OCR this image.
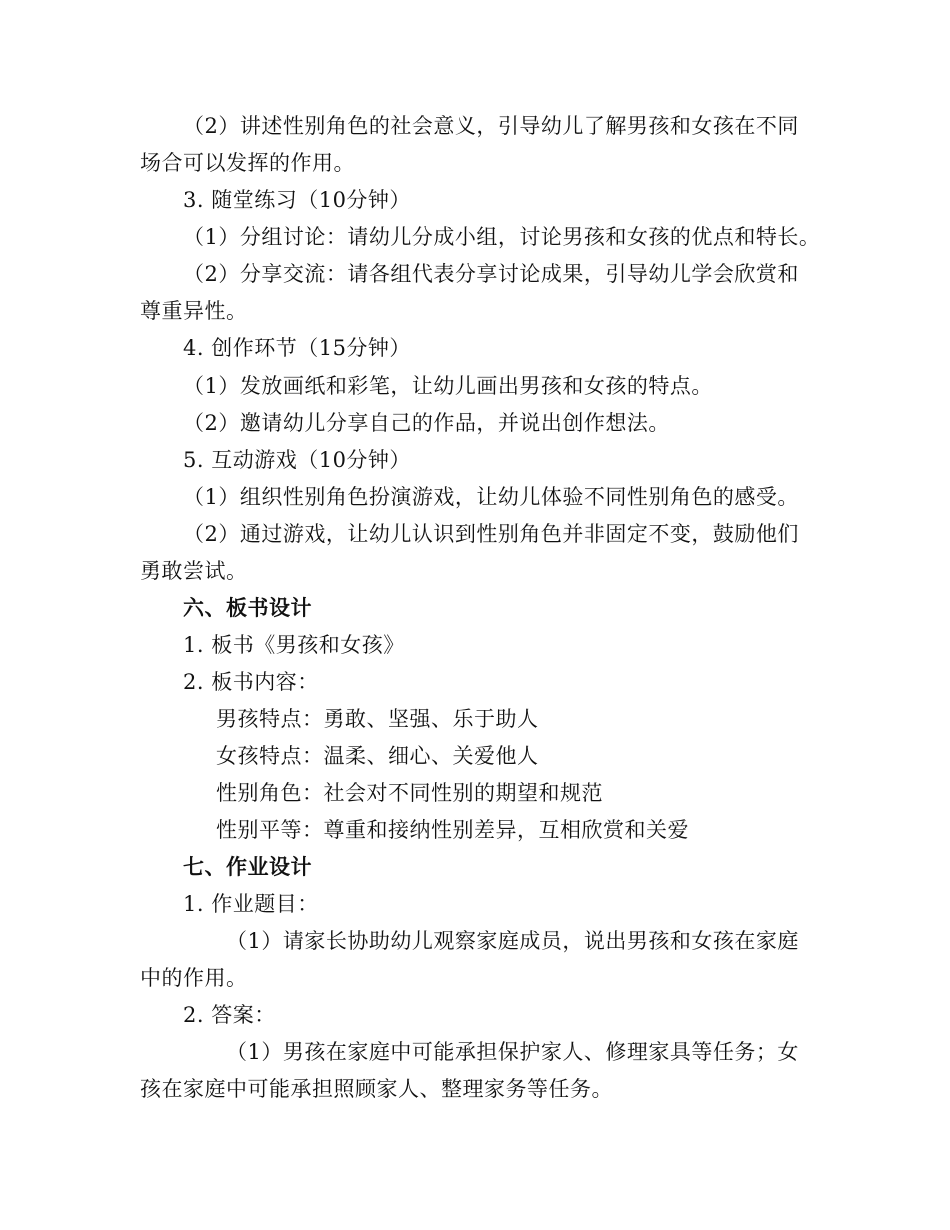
（2）讲述性别角色的社会意义，引导幼儿了解男孩和女孩在不同
场合可以发挥的作用。
3. 随堂练习（10分钟）
（1）分组讨论：请幼儿分成小组，讨论男孩和女孩的优点和特长。
（2）分享交流：请各组代表分享讨论成果，引导幼儿学会欣赏和
尊重异性。
4. 创作环节（15分钟）
（1）发放画纸和彩笔，让幼儿画出男孩和女孩的特点。
（2）邀请幼儿分享自己的作品，并说出创作想法。
5. 互动游戏（10分钟）
（1）组织性别角色扮演游戏，让幼儿体验不同性别角色的感受。
（2）通过游戏，让幼儿认识到性别角色并非固定不变，鼓励他们
勇敢尝试。
六、板书设计
1. 板书《男孩和女孩》
2. 板书内容：
男孩特点：勇敢、坚强、乐于助人
女孩特点：温柔、细心、关爱他人
性别角色：社会对不同性别的期望和规范
性别平等：尊重和接纳性别差异，互相欣赏和关爱
七、作业设计
1. 作业题目：
（1）请家长协助幼儿观察家庭成员，说出男孩和女孩在家庭
中的作用。
2. 答案：
（1）男孩在家庭中可能承担保护家人、修理家具等任务；女
孩在家庭中可能承担照顾家人、整理家务等任务。
